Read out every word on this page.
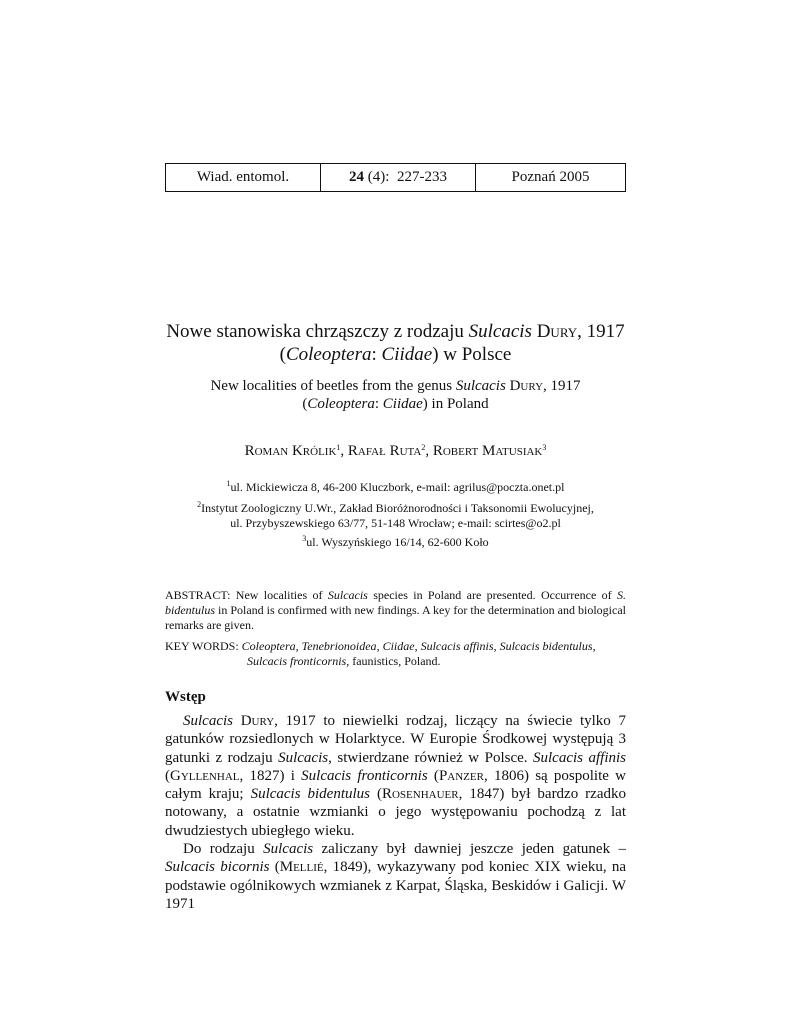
Wiad. entomol.	24 (4):  227-233	Poznań 2005
Nowe stanowiska chrząszczy z rodzaju Sulcacis Dury, 1917
(Coleoptera: Ciidae) w Polsce
New localities of beetles from the genus Sulcacis Dury, 1917
(Coleoptera: Ciidae) in Poland
Roman Królik$^1$, Rafał Ruta$^2$, Robert Matusiak$^3$
$^1$ul. Mickiewicza 8, 46-200 Kluczbork, e-mail: agrilus@poczta.onet.pl
$^2$Instytut Zoologiczny U.Wr., Zakład Bioróżnorodności i Taksonomii Ewolucyjnej,
ul. Przybyszewskiego 63/77, 51-148 Wrocław; e-mail: scirtes@o2.pl
$^3$ul. Wyszyńskiego 16/14, 62-600 Koło
ABSTRACT: New localities of Sulcacis species in Poland are presented. Occurrence of S. bidentulus in Poland is confirmed with new findings. A key for the determination and biological remarks are given.
KEY WORDS: Coleoptera, Tenebrionoidea, Ciidae, Sulcacis affinis, Sulcacis bidentulus,
Sulcacis fronticornis, faunistics, Poland.
Wstęp

Sulcacis Dury, 1917 to niewielki rodzaj, liczący na świecie tylko 7 gatunków rozsiedlonych w Holarktyce. W Europie Środkowej występują 3 gatunki z rodzaju Sulcacis, stwierdzane również w Polsce. Sulcacis affinis (Gyllenhal, 1827) i Sulcacis fronticornis (Panzer, 1806) są pospolite w całym kraju; Sulcacis bidentulus (Rosenhauer, 1847) był bardzo rzadko notowany, a ostatnie wzmianki o jego występowaniu pochodzą z lat dwudziestych ubiegłego wieku.

Do rodzaju Sulcacis zaliczany był dawniej jeszcze jeden gatunek – Sulcacis bicornis (Mellié, 1849), wykazywany pod koniec XIX wieku, na podstawie ogólnikowych wzmianek z Karpat, Śląska, Beskidów i Galicji. W 1971
